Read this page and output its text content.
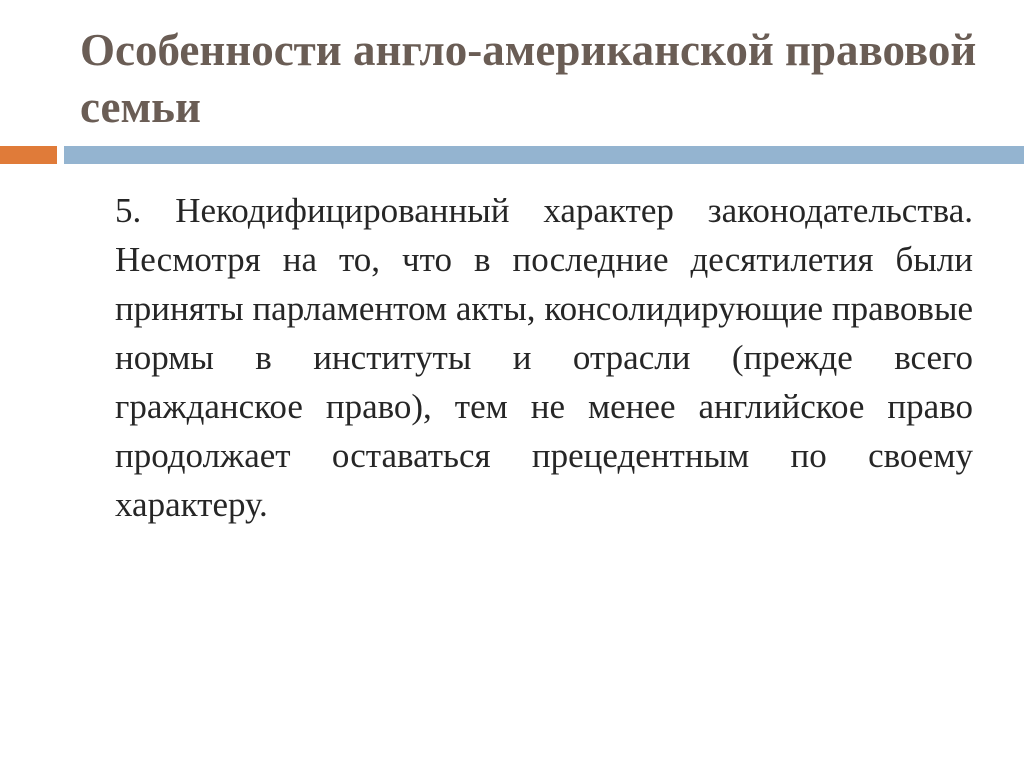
Особенности англо-американской правовой семьи

5. Некодифицированный характер законодательства. Несмотря на то, что в последние десятилетия были приняты парламентом акты, консолидирующие правовые нормы в институты и отрасли (прежде всего гражданское право), тем не менее английское право продолжает оставаться прецедентным по своему характеру.
